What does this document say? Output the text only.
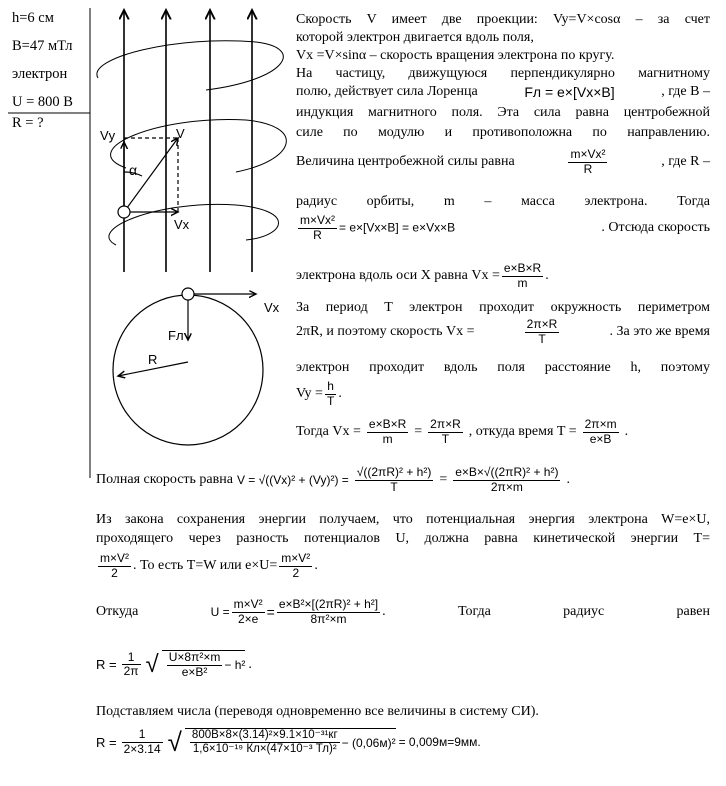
h=6 см
B=47 мТл
электрон
U = 800 В
R = ?
Vу	V
α
Vx
Vx
Fл
R
Скорость V имеет две проекции: Vy=V×cosα – за счет
которой электрон двигается вдоль поля,
Vx =V×sinα – скорость вращения электрона по кругу.
На частицу, движущуюся перпендикулярно магнитному
полю, действует сила Лоренца	Fл = e×[Vx×B]	, где B –
индукция магнитного поля. Эта сила равна центробежной
силе по модулю и противоположна по направлению.
Величина центробежной силы равна	$\frac{\text{m×Vx²}}{R}$	, где R –
радиус орбиты, m – масса электрона. Тогда
$\frac{\text{m×Vx²}}{R} = e\times[Vx\times B] = e\times Vx\times B$	. Отсюда скорость
электрона вдоль оси X равна $Vx = \frac{e\times B\times R}{m}$ .
За период T электрон проходит окружность периметром
2πR, и поэтому скорость Vx =	$\frac{2\pi\times R}{T}$	. За это же время
электрон проходит вдоль поля расстояние h, поэтому
$Vy = \frac{h}{T}$ .
Тогда $Vx = \frac{e\times B\times R}{m} = \frac{2\pi\times R}{T}$ , откуда время $T = \frac{2\pi\times m}{e\times B}$ .
Полная скорость равна $V = √((Vx)^2 + (Vy)^2) = \frac{\text{√((2πR)² + h²)}}{T} = \frac{\text{e×B×√((2πR)² + h²)}}{2\pi\times m}$ .
Из закона сохранения энергии получаем, что потенциальная энергия электрона W=e×U,
проходящего через разность потенциалов U, должна равна кинетической энергии T=
$\frac{\text{m×V²}}{2}$ . То есть T=W или $e\times U= \frac{\text{m×V²}}{2}$ .
Откуда	$U = \frac{\text{m×V²}}{2\times e} = \frac{\text{e×B²×[(2πR)² + h²]}}{\text{8π²×m}}$ .	Тогда	радиус	равен
$R = \frac{1}{2\pi}$ √ $\frac{\text{U×8π²×m}}{\text{e×B²}} - h^2$ .
Подставляем числа (переводя одновременно все величины в систему СИ).
$R = \frac{1}{2\times 3.14}$ √ $\frac{\text{800В×8×(3.14)²×9.1×10⁻³¹кг}}{\text{1,6×10⁻¹⁹ Кл×(47×10⁻³ Тл)²}} - (0,06м)^2 = 0,009м=9мм$.
